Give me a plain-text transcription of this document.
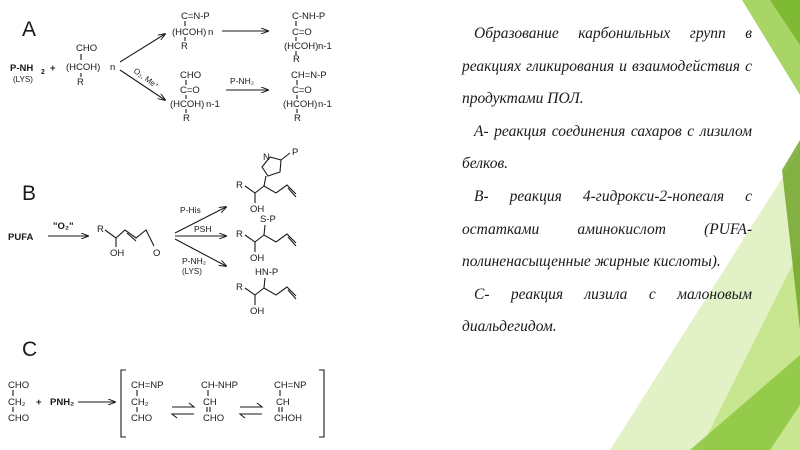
A
P-NH 2 +
(LYS)
CHO
(HCOH)
R
n O₂, Me⁺
C=N-P
(HCOH)
R
n
C-NH-P
C=O
(HCOH)
R
n-1
CHO
C=O
(HCOH)
R
n-1
P-NH₂	CH=N-P
C=O
(HCOH)
R
n-1
B
PUFA
"O₂" R
OH	O
P-His
PSH
P-NH₂
(LYS)
R
OH
N P
R
OH
S-P
R
OH
HN-P
C
CHO
CH₂
CHO
+ PNH₂
CH=NP
CH₂
CHO
CH-NHP
CH
CHO
CH=NP
CH
CHOH

Образование карбонильных групп в реакциях гликирования и взаимодействия с продуктами ПОЛ.

А- реакция соединения сахаров с лизилом белков.

В- реакция 4-гидрокси-2-ноneаля с остатками аминокислот (PUFA-полиненасыщенные жирные кислоты).

С- реакция лизила с малоновым диальдегидом.
